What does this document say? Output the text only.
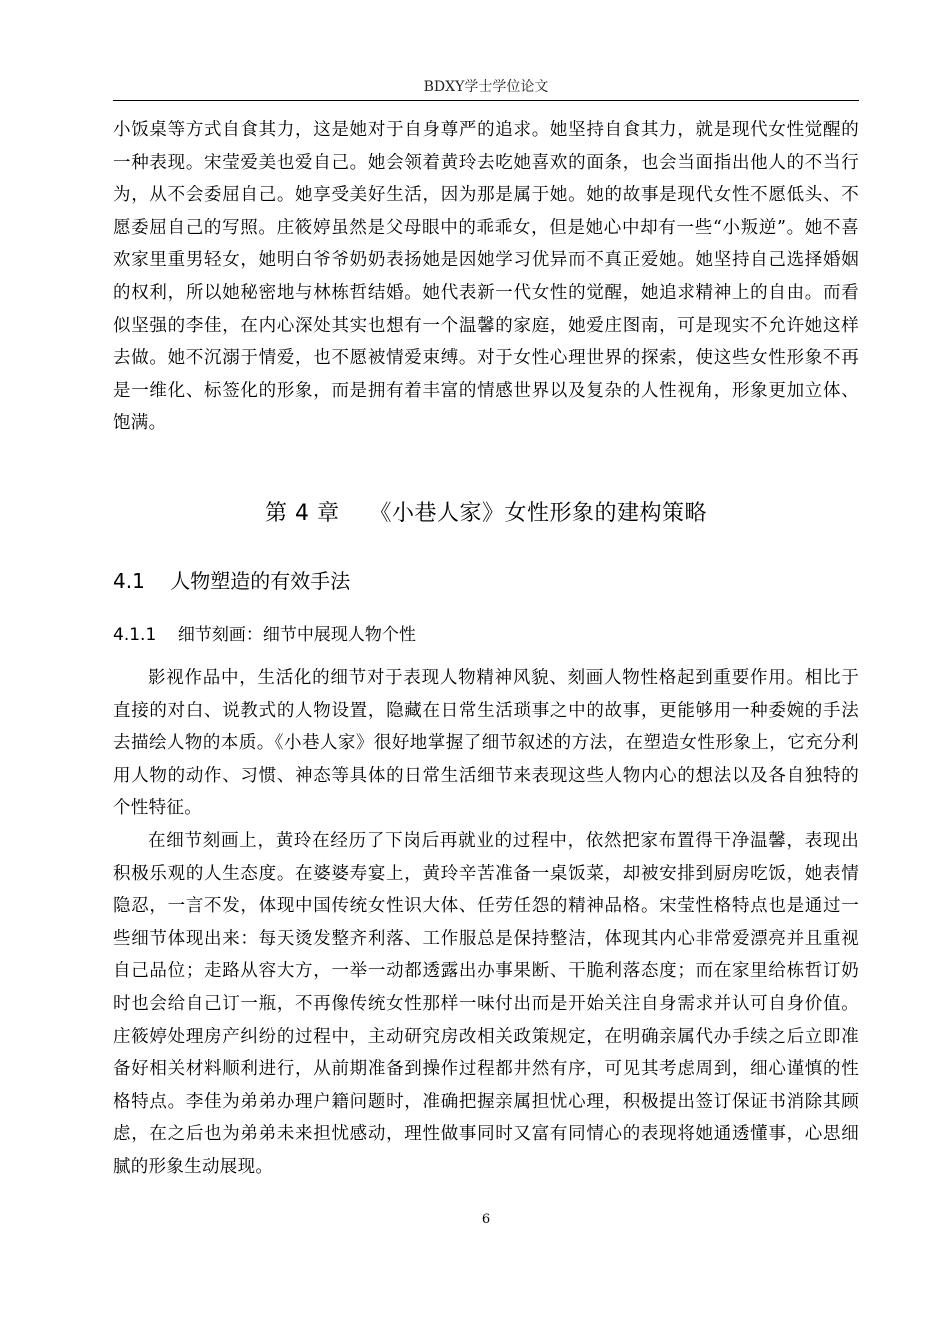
BDXY学士学位论文

小饭桌等方式自食其力，这是她对于自身尊严的追求。她坚持自食其力，就是现代女性觉醒的一种表现。宋莹爱美也爱自己。她会领着黄玲去吃她喜欢的面条，也会当面指出他人的不当行为，从不会委屈自己。她享受美好生活，因为那是属于她。她的故事是现代女性不愿低头、不愿委屈自己的写照。庄筱婷虽然是父母眼中的乖乖女，但是她心中却有一些“小叛逆”。她不喜欢家里重男轻女，她明白爷爷奶奶表扬她是因她学习优异而不真正爱她。她坚持自己选择婚姻的权利，所以她秘密地与林栋哲结婚。她代表新一代女性的觉醒，她追求精神上的自由。而看似坚强的李佳，在内心深处其实也想有一个温馨的家庭，她爱庄图南，可是现实不允许她这样去做。她不沉溺于情爱，也不愿被情爱束缚。对于女性心理世界的探索，使这些女性形象不再是一维化、标签化的形象，而是拥有着丰富的情感世界以及复杂的人性视角，形象更加立体、饱满。

第 4 章    《小巷人家》女性形象的建构策略
4.1    人物塑造的有效手法
4.1.1    细节刻画：细节中展现人物个性

影视作品中，生活化的细节对于表现人物精神风貌、刻画人物性格起到重要作用。相比于直接的对白、说教式的人物设置，隐藏在日常生活琐事之中的故事，更能够用一种委婉的手法去描绘人物的本质。《小巷人家》很好地掌握了细节叙述的方法，在塑造女性形象上，它充分利用人物的动作、习惯、神态等具体的日常生活细节来表现这些人物内心的想法以及各自独特的个性特征。

在细节刻画上，黄玲在经历了下岗后再就业的过程中，依然把家布置得干净温馨，表现出积极乐观的人生态度。在婆婆寿宴上，黄玲辛苦准备一桌饭菜，却被安排到厨房吃饭，她表情隐忍，一言不发，体现中国传统女性识大体、任劳任怨的精神品格。宋莹性格特点也是通过一些细节体现出来：每天烫发整齐利落、工作服总是保持整洁，体现其内心非常爱漂亮并且重视自己品位；走路从容大方，一举一动都透露出办事果断、干脆利落态度；而在家里给栋哲订奶时也会给自己订一瓶，不再像传统女性那样一味付出而是开始关注自身需求并认可自身价值。庄筱婷处理房产纠纷的过程中，主动研究房改相关政策规定，在明确亲属代办手续之后立即准备好相关材料顺利进行，从前期准备到操作过程都井然有序，可见其考虑周到，细心谨慎的性格特点。李佳为弟弟办理户籍问题时，准确把握亲属担忧心理，积极提出签订保证书消除其顾虑，在之后也为弟弟未来担忧感动，理性做事同时又富有同情心的表现将她通透懂事，心思细腻的形象生动展现。

6
